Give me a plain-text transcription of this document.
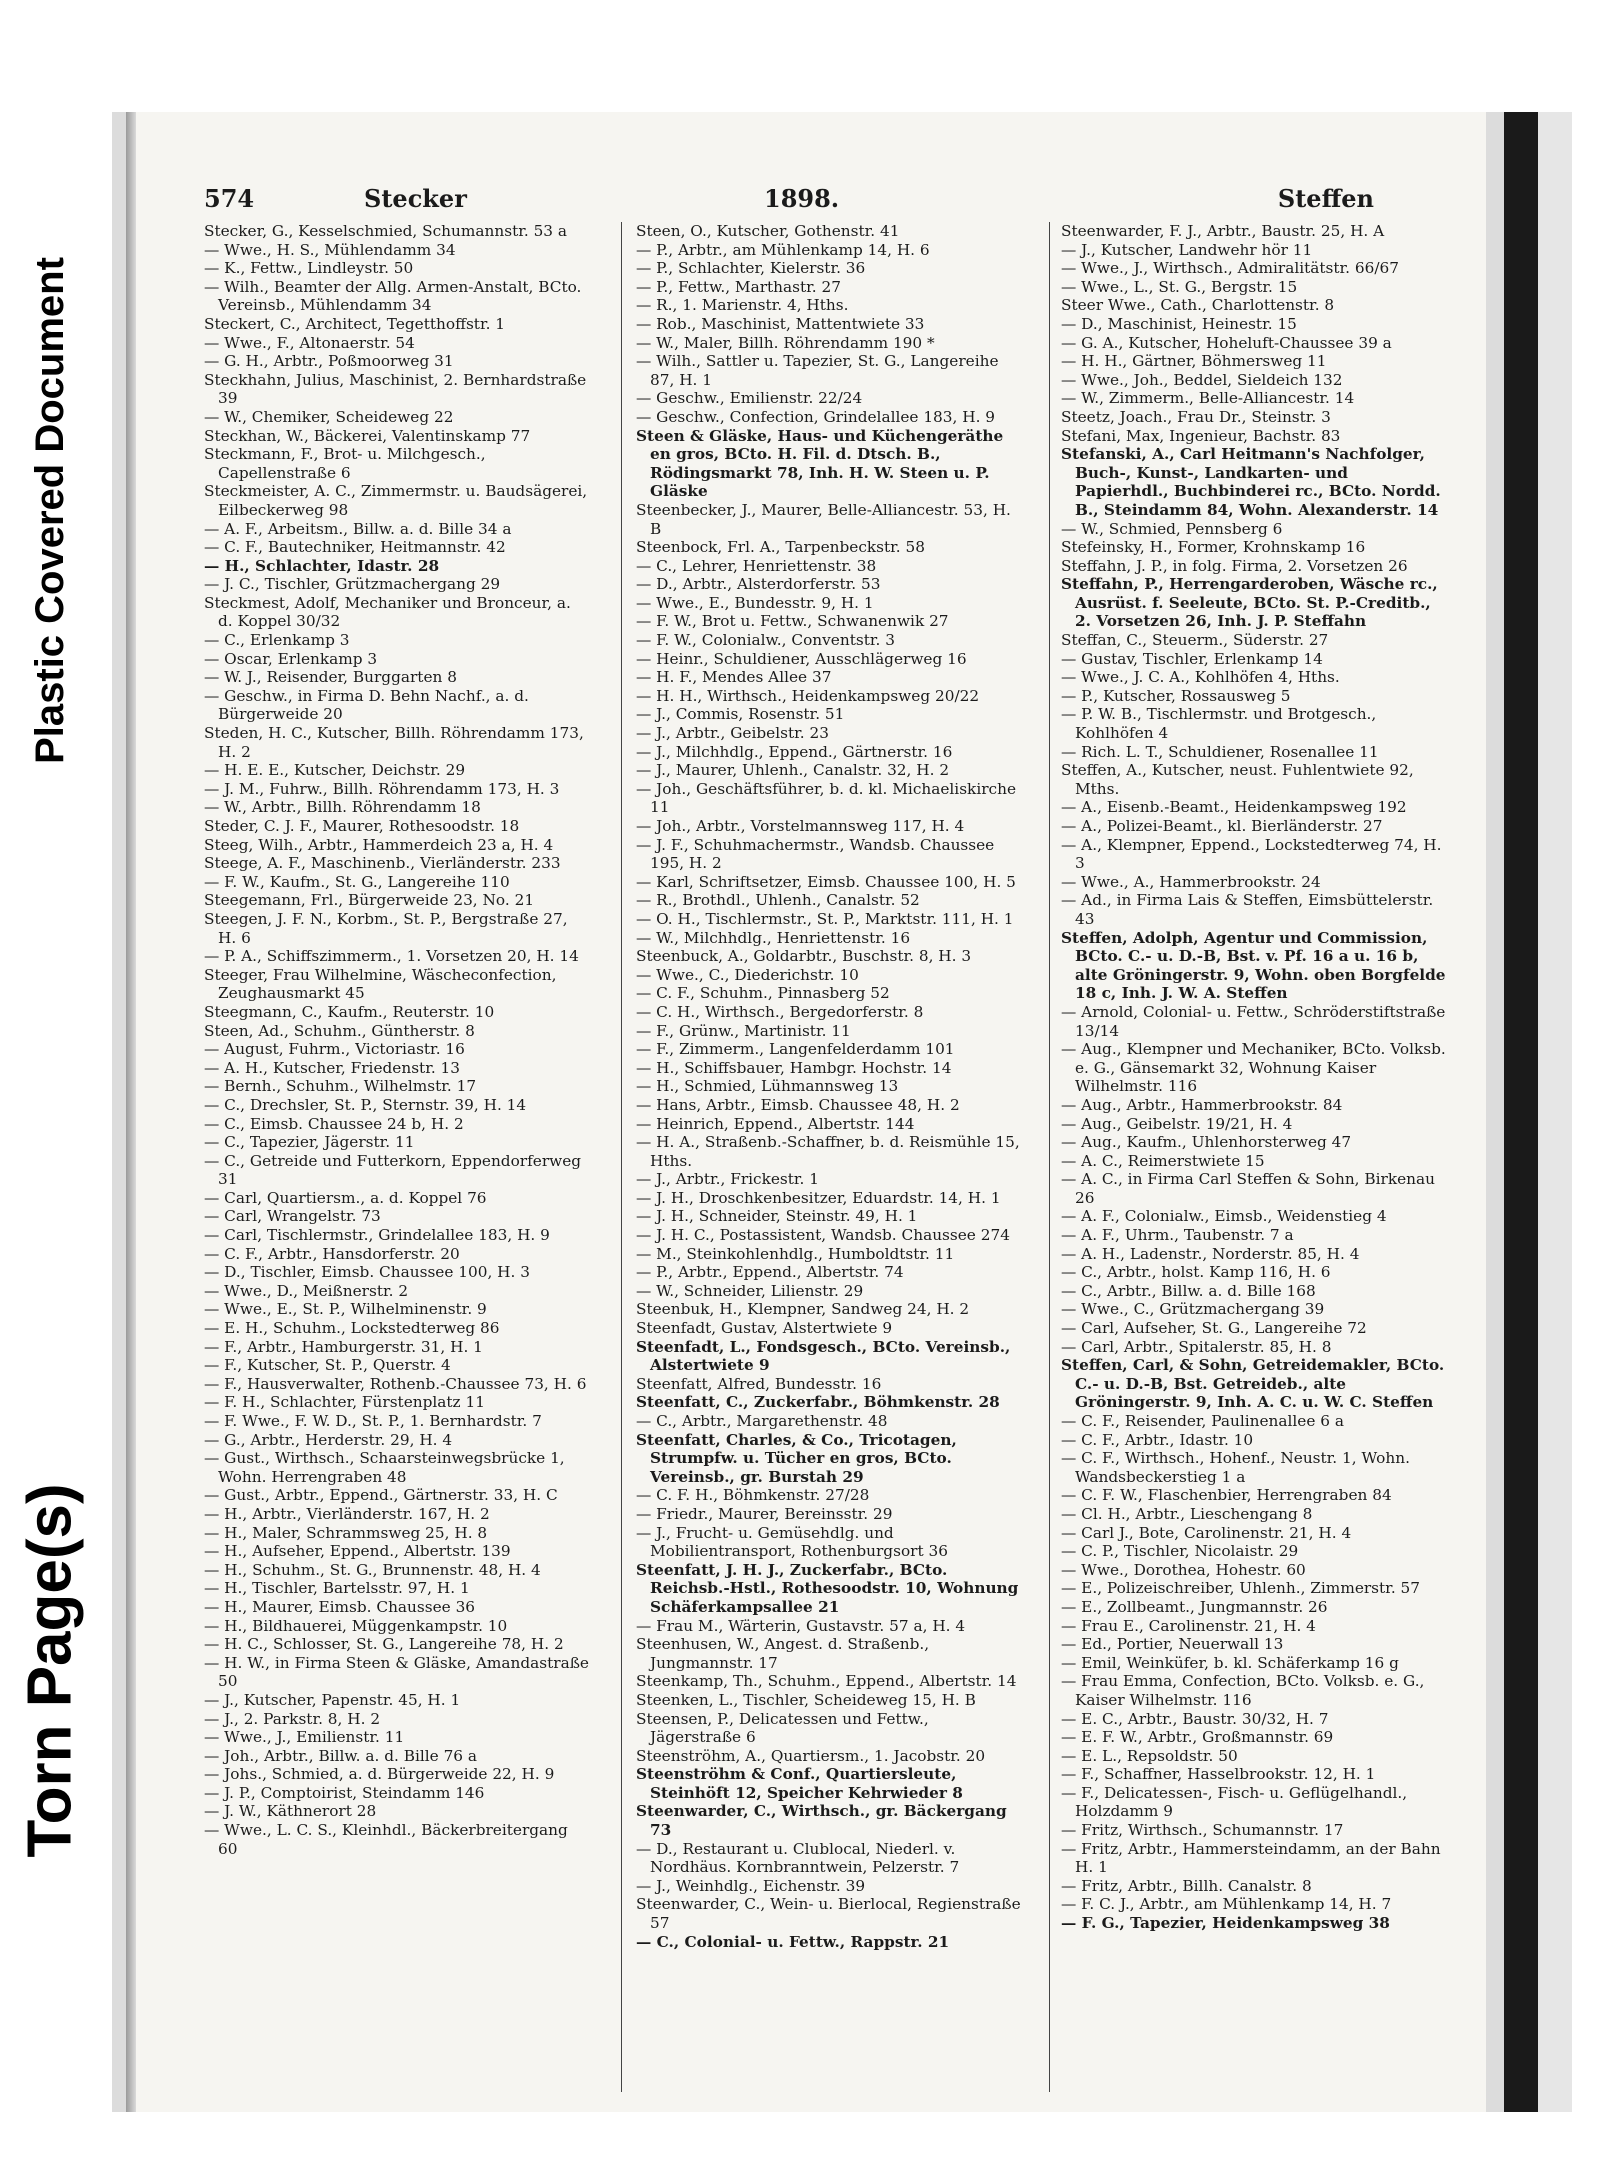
Plastic Covered Document
Torn Page(s)
574	Stecker	1898.	Steffen

Stecker, G., Kesselschmied, Schumannstr. 53 a

— Wwe., H. S., Mühlendamm 34

— K., Fettw., Lindleystr. 50

— Wilh., Beamter der Allg. Armen-Anstalt, BCto. Vereinsb., Mühlendamm 34

Steckert, C., Architect, Tegetthoffstr. 1

— Wwe., F., Altonaerstr. 54

— G. H., Arbtr., Poßmoorweg 31

Steckhahn, Julius, Maschinist, 2. Bernhardstraße 39

— W., Chemiker, Scheideweg 22

Steckhan, W., Bäckerei, Valentinskamp 77

Steckmann, F., Brot- u. Milchgesch., Capellenstraße 6

Steckmeister, A. C., Zimmermstr. u. Baudsägerei, Eilbeckerweg 98

— A. F., Arbeitsm., Billw. a. d. Bille 34 a

— C. F., Bautechniker, Heitmannstr. 42

— H., Schlachter, Idastr. 28

— J. C., Tischler, Grützmachergang 29

Steckmest, Adolf, Mechaniker und Bronceur, a. d. Koppel 30/32

— C., Erlenkamp 3

— Oscar, Erlenkamp 3

— W. J., Reisender, Burggarten 8

— Geschw., in Firma D. Behn Nachf., a. d. Bürgerweide 20

Steden, H. C., Kutscher, Billh. Röhrendamm 173, H. 2

— H. E. E., Kutscher, Deichstr. 29

— J. M., Fuhrw., Billh. Röhrendamm 173, H. 3

— W., Arbtr., Billh. Röhrendamm 18

Steder, C. J. F., Maurer, Rothesoodstr. 18

Steeg, Wilh., Arbtr., Hammerdeich 23 a, H. 4

Steege, A. F., Maschinenb., Vierländerstr. 233

— F. W., Kaufm., St. G., Langereihe 110

Steegemann, Frl., Bürgerweide 23, No. 21

Steegen, J. F. N., Korbm., St. P., Bergstraße 27, H. 6

— P. A., Schiffszimmerm., 1. Vorsetzen 20, H. 14

Steeger, Frau Wilhelmine, Wäscheconfection, Zeughausmarkt 45

Steegmann, C., Kaufm., Reuterstr. 10

Steen, Ad., Schuhm., Güntherstr. 8

— August, Fuhrm., Victoriastr. 16

— A. H., Kutscher, Friedenstr. 13

— Bernh., Schuhm., Wilhelmstr. 17

— C., Drechsler, St. P., Sternstr. 39, H. 14

— C., Eimsb. Chaussee 24 b, H. 2

— C., Tapezier, Jägerstr. 11

— C., Getreide und Futterkorn, Eppendorferweg 31

— Carl, Quartiersm., a. d. Koppel 76

— Carl, Wrangelstr. 73

— Carl, Tischlermstr., Grindelallee 183, H. 9

— C. F., Arbtr., Hansdorferstr. 20

— D., Tischler, Eimsb. Chaussee 100, H. 3

— Wwe., D., Meißnerstr. 2

— Wwe., E., St. P., Wilhelminenstr. 9

— E. H., Schuhm., Lockstedterweg 86

— F., Arbtr., Hamburgerstr. 31, H. 1

— F., Kutscher, St. P., Querstr. 4

— F., Hausverwalter, Rothenb.-Chaussee 73, H. 6

— F. H., Schlachter, Fürstenplatz 11

— F. Wwe., F. W. D., St. P., 1. Bernhardstr. 7

— G., Arbtr., Herderstr. 29, H. 4

— Gust., Wirthsch., Schaarsteinwegsbrücke 1, Wohn. Herrengraben 48

— Gust., Arbtr., Eppend., Gärtnerstr. 33, H. C

— H., Arbtr., Vierländerstr. 167, H. 2

— H., Maler, Schrammsweg 25, H. 8

— H., Aufseher, Eppend., Albertstr. 139

— H., Schuhm., St. G., Brunnenstr. 48, H. 4

— H., Tischler, Bartelsstr. 97, H. 1

— H., Maurer, Eimsb. Chaussee 36

— H., Bildhauerei, Müggenkampstr. 10

— H. C., Schlosser, St. G., Langereihe 78, H. 2

— H. W., in Firma Steen & Gläske, Amandastraße 50

— J., Kutscher, Papenstr. 45, H. 1

— J., 2. Parkstr. 8, H. 2

— Wwe., J., Emilienstr. 11

— Joh., Arbtr., Billw. a. d. Bille 76 a

— Johs., Schmied, a. d. Bürgerweide 22, H. 9

— J. P., Comptoirist, Steindamm 146

— J. W., Käthnerort 28

— Wwe., L. C. S., Kleinhdl., Bäckerbreitergang 60

Steen, O., Kutscher, Gothenstr. 41

— P., Arbtr., am Mühlenkamp 14, H. 6

— P., Schlachter, Kielerstr. 36

— P., Fettw., Marthastr. 27

— R., 1. Marienstr. 4, Hths.

— Rob., Maschinist, Mattentwiete 33

— W., Maler, Billh. Röhrendamm 190 *

— Wilh., Sattler u. Tapezier, St. G., Langereihe 87, H. 1

— Geschw., Emilienstr. 22/24

— Geschw., Confection, Grindelallee 183, H. 9

Steen & Gläske, Haus- und Küchengeräthe en gros, BCto. H. Fil. d. Dtsch. B., Rödingsmarkt 78, Inh. H. W. Steen u. P. Gläske

Steenbecker, J., Maurer, Belle-Alliancestr. 53, H. B

Steenbock, Frl. A., Tarpenbeckstr. 58

— C., Lehrer, Henriettenstr. 38

— D., Arbtr., Alsterdorferstr. 53

— Wwe., E., Bundesstr. 9, H. 1

— F. W., Brot u. Fettw., Schwanenwik 27

— F. W., Colonialw., Conventstr. 3

— Heinr., Schuldiener, Ausschlägerweg 16

— H. F., Mendes Allee 37

— H. H., Wirthsch., Heidenkampsweg 20/22

— J., Commis, Rosenstr. 51

— J., Arbtr., Geibelstr. 23

— J., Milchhdlg., Eppend., Gärtnerstr. 16

— J., Maurer, Uhlenh., Canalstr. 32, H. 2

— Joh., Geschäftsführer, b. d. kl. Michaeliskirche 11

— Joh., Arbtr., Vorstelmannsweg 117, H. 4

— J. F., Schuhmachermstr., Wandsb. Chaussee 195, H. 2

— Karl, Schriftsetzer, Eimsb. Chaussee 100, H. 5

— R., Brothdl., Uhlenh., Canalstr. 52

— O. H., Tischlermstr., St. P., Marktstr. 111, H. 1

— W., Milchhdlg., Henriettenstr. 16

Steenbuck, A., Goldarbtr., Buschstr. 8, H. 3

— Wwe., C., Diederichstr. 10

— C. F., Schuhm., Pinnasberg 52

— C. H., Wirthsch., Bergedorferstr. 8

— F., Grünw., Martinistr. 11

— F., Zimmerm., Langenfelderdamm 101

— H., Schiffsbauer, Hambgr. Hochstr. 14

— H., Schmied, Lühmannsweg 13

— Hans, Arbtr., Eimsb. Chaussee 48, H. 2

— Heinrich, Eppend., Albertstr. 144

— H. A., Straßenb.-Schaffner, b. d. Reismühle 15, Hths.

— J., Arbtr., Frickestr. 1

— J. H., Droschkenbesitzer, Eduardstr. 14, H. 1

— J. H., Schneider, Steinstr. 49, H. 1

— J. H. C., Postassistent, Wandsb. Chaussee 274

— M., Steinkohlenhdlg., Humboldtstr. 11

— P., Arbtr., Eppend., Albertstr. 74

— W., Schneider, Lilienstr. 29

Steenbuk, H., Klempner, Sandweg 24, H. 2

Steenfadt, Gustav, Alstertwiete 9

Steenfadt, L., Fondsgesch., BCto. Vereinsb., Alstertwiete 9

Steenfatt, Alfred, Bundesstr. 16

Steenfatt, C., Zuckerfabr., Böhmkenstr. 28

— C., Arbtr., Margarethenstr. 48

Steenfatt, Charles, & Co., Tricotagen, Strumpfw. u. Tücher en gros, BCto. Vereinsb., gr. Burstah 29

— C. F. H., Böhmkenstr. 27/28

— Friedr., Maurer, Bereinsstr. 29

— J., Frucht- u. Gemüsehdlg. und Mobilientransport, Rothenburgsort 36

Steenfatt, J. H. J., Zuckerfabr., BCto. Reichsb.-Hstl., Rothesoodstr. 10, Wohnung Schäferkampsallee 21

— Frau M., Wärterin, Gustavstr. 57 a, H. 4

Steenhusen, W., Angest. d. Straßenb., Jungmannstr. 17

Steenkamp, Th., Schuhm., Eppend., Albertstr. 14

Steenken, L., Tischler, Scheideweg 15, H. B

Steensen, P., Delicatessen und Fettw., Jägerstraße 6

Steenströhm, A., Quartiersm., 1. Jacobstr. 20

Steenströhm & Conf., Quartiersleute, Steinhöft 12, Speicher Kehrwieder 8

Steenwarder, C., Wirthsch., gr. Bäckergang 73

— D., Restaurant u. Clublocal, Niederl. v. Nordhäus. Kornbranntwein, Pelzerstr. 7

— J., Weinhdlg., Eichenstr. 39

Steenwarder, C., Wein- u. Bierlocal, Regienstraße 57

— C., Colonial- u. Fettw., Rappstr. 21

Steenwarder, F. J., Arbtr., Baustr. 25, H. A

— J., Kutscher, Landwehr hör 11

— Wwe., J., Wirthsch., Admiralitätstr. 66/67

— Wwe., L., St. G., Bergstr. 15

Steer Wwe., Cath., Charlottenstr. 8

— D., Maschinist, Heinestr. 15

— G. A., Kutscher, Hoheluft-Chaussee 39 a

— H. H., Gärtner, Böhmersweg 11

— Wwe., Joh., Beddel, Sieldeich 132

— W., Zimmerm., Belle-Alliancestr. 14

Steetz, Joach., Frau Dr., Steinstr. 3

Stefani, Max, Ingenieur, Bachstr. 83

Stefanski, A., Carl Heitmann's Nachfolger, Buch-, Kunst-, Landkarten- und Papierhdl., Buchbinderei rc., BCto. Nordd. B., Steindamm 84, Wohn. Alexanderstr. 14

— W., Schmied, Pennsberg 6

Stefeinsky, H., Former, Krohnskamp 16

Steffahn, J. P., in folg. Firma, 2. Vorsetzen 26

Steffahn, P., Herrengarderoben, Wäsche rc., Ausrüst. f. Seeleute, BCto. St. P.-Creditb., 2. Vorsetzen 26, Inh. J. P. Steffahn

Steffan, C., Steuerm., Süderstr. 27

— Gustav, Tischler, Erlenkamp 14

— Wwe., J. C. A., Kohlhöfen 4, Hths.

— P., Kutscher, Rossausweg 5

— P. W. B., Tischlermstr. und Brotgesch., Kohlhöfen 4

— Rich. L. T., Schuldiener, Rosenallee 11

Steffen, A., Kutscher, neust. Fuhlentwiete 92, Mths.

— A., Eisenb.-Beamt., Heidenkampsweg 192

— A., Polizei-Beamt., kl. Bierländerstr. 27

— A., Klempner, Eppend., Lockstedterweg 74, H. 3

— Wwe., A., Hammerbrookstr. 24

— Ad., in Firma Lais & Steffen, Eimsbüttelerstr. 43

Steffen, Adolph, Agentur und Commission, BCto. C.- u. D.-B, Bst. v. Pf. 16 a u. 16 b, alte Gröningerstr. 9, Wohn. oben Borgfelde 18 c, Inh. J. W. A. Steffen

— Arnold, Colonial- u. Fettw., Schröderstiftstraße 13/14

— Aug., Klempner und Mechaniker, BCto. Volksb. e. G., Gänsemarkt 32, Wohnung Kaiser Wilhelmstr. 116

— Aug., Arbtr., Hammerbrookstr. 84

— Aug., Geibelstr. 19/21, H. 4

— Aug., Kaufm., Uhlenhorsterweg 47

— A. C., Reimerstwiete 15

— A. C., in Firma Carl Steffen & Sohn, Birkenau 26

— A. F., Colonialw., Eimsb., Weidenstieg 4

— A. F., Uhrm., Taubenstr. 7 a

— A. H., Ladenstr., Norderstr. 85, H. 4

— C., Arbtr., holst. Kamp 116, H. 6

— C., Arbtr., Billw. a. d. Bille 168

— Wwe., C., Grützmachergang 39

— Carl, Aufseher, St. G., Langereihe 72

— Carl, Arbtr., Spitalerstr. 85, H. 8

Steffen, Carl, & Sohn, Getreidemakler, BCto. C.- u. D.-B, Bst. Getreideb., alte Gröningerstr. 9, Inh. A. C. u. W. C. Steffen

— C. F., Reisender, Paulinenallee 6 a

— C. F., Arbtr., Idastr. 10

— C. F., Wirthsch., Hohenf., Neustr. 1, Wohn. Wandsbeckerstieg 1 a

— C. F. W., Flaschenbier, Herrengraben 84

— Cl. H., Arbtr., Lieschengang 8

— Carl J., Bote, Carolinenstr. 21, H. 4

— C. P., Tischler, Nicolaistr. 29

— Wwe., Dorothea, Hohestr. 60

— E., Polizeischreiber, Uhlenh., Zimmerstr. 57

— E., Zollbeamt., Jungmannstr. 26

— Frau E., Carolinenstr. 21, H. 4

— Ed., Portier, Neuerwall 13

— Emil, Weinküfer, b. kl. Schäferkamp 16 g

— Frau Emma, Confection, BCto. Volksb. e. G., Kaiser Wilhelmstr. 116

— E. C., Arbtr., Baustr. 30/32, H. 7

— E. F. W., Arbtr., Großmannstr. 69

— E. L., Repsoldstr. 50

— F., Schaffner, Hasselbrookstr. 12, H. 1

— F., Delicatessen-, Fisch- u. Geflügelhandl., Holzdamm 9

— Fritz, Wirthsch., Schumannstr. 17

— Fritz, Arbtr., Hammersteindamm, an der Bahn H. 1

— Fritz, Arbtr., Billh. Canalstr. 8

— F. C. J., Arbtr., am Mühlenkamp 14, H. 7

— F. G., Tapezier, Heidenkampsweg 38
